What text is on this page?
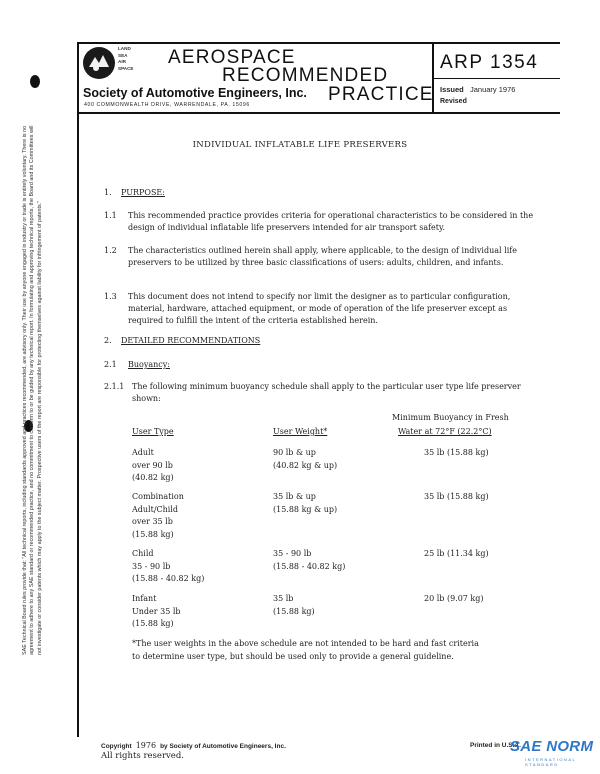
LAND
SEA
AIR
SPACE
AEROSPACE
RECOMMENDED
PRACTICE
Society of Automotive Engineers, Inc.
400 COMMONWEALTH DRIVE, WARRENDALE, PA. 15096
ARP 1354
Issued January 1976
Revised
SAE Technical Board rules provide that: "All technical reports, including standards approved and practices recommended, are advisory only. Their use by anyone engaged in industry or trade is entirely voluntary. There is no agreement to adhere to any SAE standard or recommended practice, and no commitment to conform to or be guided by any technical report. In formulating and approving technical reports, the Board and its Committees will not investigate or consider patents which may apply to the subject matter. Prospective users of the report are responsible for protecting themselves against liability for infringement of patents."
INDIVIDUAL INFLATABLE LIFE PRESERVERS
1. PURPOSE:
1.1 This recommended practice provides criteria for operational characteristics to be considered in the design of individual inflatable life preservers intended for air transport safety.
1.2 The characteristics outlined herein shall apply, where applicable, to the design of individual life preservers to be utilized by three basic classifications of users: adults, children, and infants.
1.3 This document does not intend to specify nor limit the designer as to particular configuration, material, hardware, attached equipment, or mode of operation of the life preserver except as required to fulfill the intent of the criteria established herein.
2. DETAILED RECOMMENDATIONS
2.1 Buoyancy:
2.1.1 The following minimum buoyancy schedule shall apply to the particular user type life preserver shown:
Minimum Buoyancy in Fresh
User Type	User Weight*	Water at 72°F (22.2°C)
Adult
over 90 lb
(40.82 kg)
90 lb & up
(40.82 kg & up)
35 lb (15.88 kg)
Combination
Adult/Child
over 35 lb
(15.88 kg)
35 lb & up
(15.88 kg & up)
35 lb (15.88 kg)
Child
35 - 90 lb
(15.88 - 40.82 kg)
35 - 90 lb
(15.88 - 40.82 kg)
25 lb (11.34 kg)
Infant
Under 35 lb
(15.88 kg)
35 lb
(15.88 kg)
20 lb (9.07 kg)
*The user weights in the above schedule are not intended to be hard and fast criteria
to determine user type, but should be used only to provide a general guideline.
Copyright 1976 by Society of Automotive Engineers, Inc.
All rights reserved.
Printed in U.S.A.
SAE NORM
INTERNATIONAL STANDARD
